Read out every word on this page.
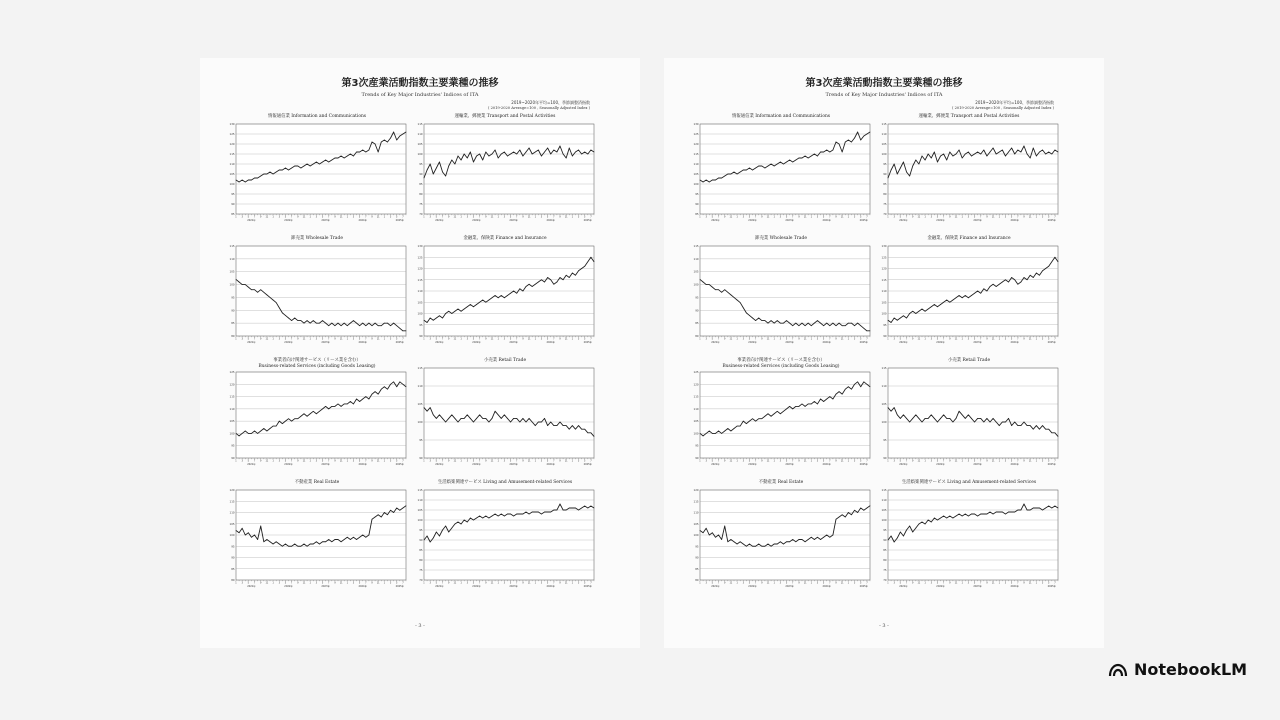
第3次産業活動指数主要業種の推移
Trends of Key Major Industries' Indices of ITA
2019~2020年平均=100、季節調整済指数
( 2019-2020 Average=100 , Seasonally Adjusted Index )
情報通信業 Information and Communications
85
90
95
100
105
110
115
120
125
130
1 3 5 7 9 11 1 3 5 7 9 11 1 3 5 7 9 11 1 3 5 7 9 11 1 3 5 7
2021年	2022年	2023年	2024年	2025年
運輸業、郵便業 Transport and Postal Activities
70
75
80
85
90
95
100
105
110
115
1 3 5 7 9 11 1 3 5 7 9 11 1 3 5 7 9 11 1 3 5 7 9 11 1 3 5 7
2021年	2022年	2023年	2024年	2025年
卸売業 Wholesale Trade
80
85
90
95
100
105
110
115
1 3 5 7 9 11 1 3 5 7 9 11 1 3 5 7 9 11 1 3 5 7 9 11 1 3 5 7
2021年	2022年	2023年	2024年	2025年
金融業、保険業 Finance and Insurance
90
95
100
105
110
115
120
125
130
1 3 5 7 9 11 1 3 5 7 9 11 1 3 5 7 9 11 1 3 5 7 9 11 1 3 5 7
2021年	2022年	2023年	2024年	2025年
事業者向け関連サービス（リース業を含む）
Business-related Services (including Goods Leasing)
90
95
100
105
110
115
120
125
1 3 5 7 9 11 1 3 5 7 9 11 1 3 5 7 9 11 1 3 5 7 9 11 1 3 5 7
2021年	2022年	2023年	2024年	2025年
小売業 Retail Trade
90
95
100
105
110
115
1 3 5 7 9 11 1 3 5 7 9 11 1 3 5 7 9 11 1 3 5 7 9 11 1 3 5 7
2021年	2022年	2023年	2024年	2025年
不動産業 Real Estate
80
85
90
95
100
105
110
115
120
1 3 5 7 9 11 1 3 5 7 9 11 1 3 5 7 9 11 1 3 5 7 9 11 1 3 5 7
2021年	2022年	2023年	2024年	2025年
生活娯楽関連サービス Living and Amusement-related Services
70
75
80
85
90
95
100
105
110
115
1 3 5 7 9 11 1 3 5 7 9 11 1 3 5 7 9 11 1 3 5 7 9 11 1 3 5 7
2021年	2022年	2023年	2024年	2025年
- 3 -
第3次産業活動指数主要業種の推移
Trends of Key Major Industries' Indices of ITA
2019~2020年平均=100、季節調整済指数
( 2019-2020 Average=100 , Seasonally Adjusted Index )
情報通信業 Information and Communications
85
90
95
100
105
110
115
120
125
130
1 3 5 7 9 11 1 3 5 7 9 11 1 3 5 7 9 11 1 3 5 7 9 11 1 3 5 7
2021年	2022年	2023年	2024年	2025年
運輸業、郵便業 Transport and Postal Activities
70
75
80
85
90
95
100
105
110
115
1 3 5 7 9 11 1 3 5 7 9 11 1 3 5 7 9 11 1 3 5 7 9 11 1 3 5 7
2021年	2022年	2023年	2024年	2025年
卸売業 Wholesale Trade
80
85
90
95
100
105
110
115
1 3 5 7 9 11 1 3 5 7 9 11 1 3 5 7 9 11 1 3 5 7 9 11 1 3 5 7
2021年	2022年	2023年	2024年	2025年
金融業、保険業 Finance and Insurance
90
95
100
105
110
115
120
125
130
1 3 5 7 9 11 1 3 5 7 9 11 1 3 5 7 9 11 1 3 5 7 9 11 1 3 5 7
2021年	2022年	2023年	2024年	2025年
事業者向け関連サービス（リース業を含む）
Business-related Services (including Goods Leasing)
90
95
100
105
110
115
120
125
1 3 5 7 9 11 1 3 5 7 9 11 1 3 5 7 9 11 1 3 5 7 9 11 1 3 5 7
2021年	2022年	2023年	2024年	2025年
小売業 Retail Trade
90
95
100
105
110
115
1 3 5 7 9 11 1 3 5 7 9 11 1 3 5 7 9 11 1 3 5 7 9 11 1 3 5 7
2021年	2022年	2023年	2024年	2025年
不動産業 Real Estate
80
85
90
95
100
105
110
115
120
1 3 5 7 9 11 1 3 5 7 9 11 1 3 5 7 9 11 1 3 5 7 9 11 1 3 5 7
2021年	2022年	2023年	2024年	2025年
生活娯楽関連サービス Living and Amusement-related Services
70
75
80
85
90
95
100
105
110
115
1 3 5 7 9 11 1 3 5 7 9 11 1 3 5 7 9 11 1 3 5 7 9 11 1 3 5 7
2021年	2022年	2023年	2024年	2025年
- 3 -
NotebookLM
